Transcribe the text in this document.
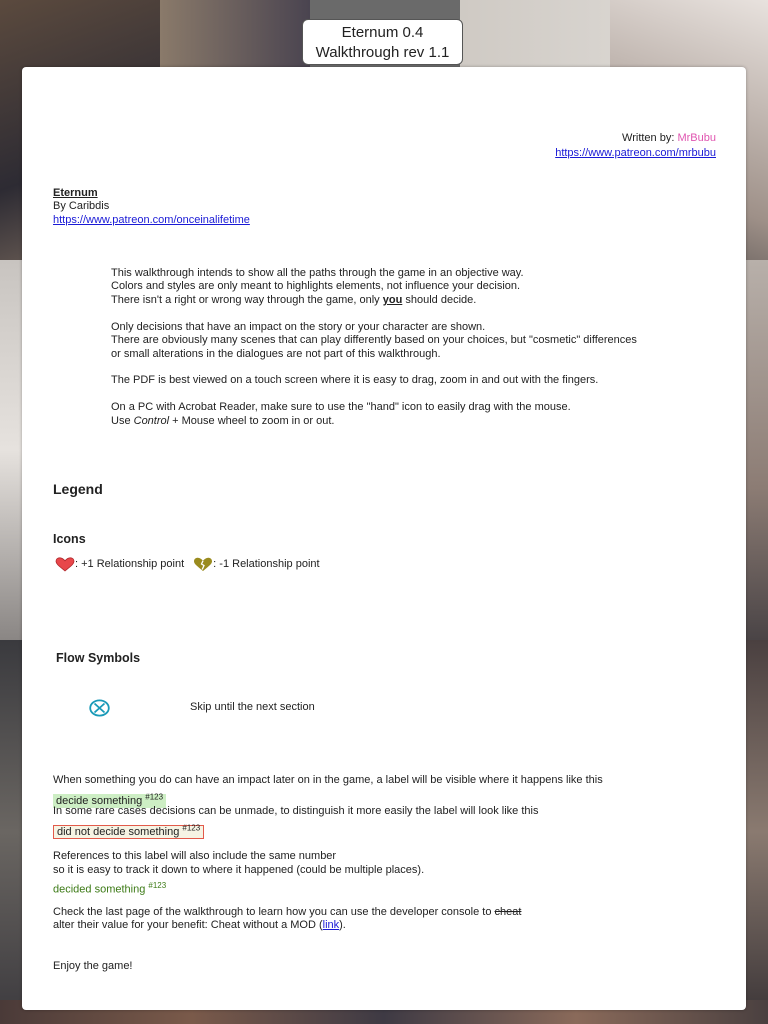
Eternum 0.4
Walkthrough rev 1.1
Written by: MrBubu
https://www.patreon.com/mrbubu
Eternum
By Caribdis
https://www.patreon.com/onceinalifetime
This walkthrough intends to show all the paths through the game in an objective way.
Colors and styles are only meant to highlights elements, not influence your decision.
There isn't a right or wrong way through the game, only you should decide.
Only decisions that have an impact on the story or your character are shown.
There are obviously many scenes that can play differently based on your choices, but "cosmetic" differences
or small alterations in the dialogues are not part of this walkthrough.
The PDF is best viewed on a touch screen where it is easy to drag, zoom in and out with the fingers.
On a PC with Acrobat Reader, make sure to use the "hand" icon to easily drag with the mouse.
Use Control + Mouse wheel to zoom in or out.
Legend
Icons
: +1 Relationship point	: -1 Relationship point
Flow Symbols
Skip until the next section
When something you do can have an impact later on in the game, a label will be visible where it happens like this
decide something $^{\#123}$
In some rare cases decisions can be unmade, to distinguish it more easily the label will look like this
did not decide something $^{\#123}$
References to this label will also include the same number
so it is easy to track it down to where it happened (could be multiple places).
decided something $^{\#123}$
Check the last page of the walkthrough to learn how you can use the developer console to cheat
alter their value for your benefit: Cheat without a MOD (link).
Enjoy the game!
